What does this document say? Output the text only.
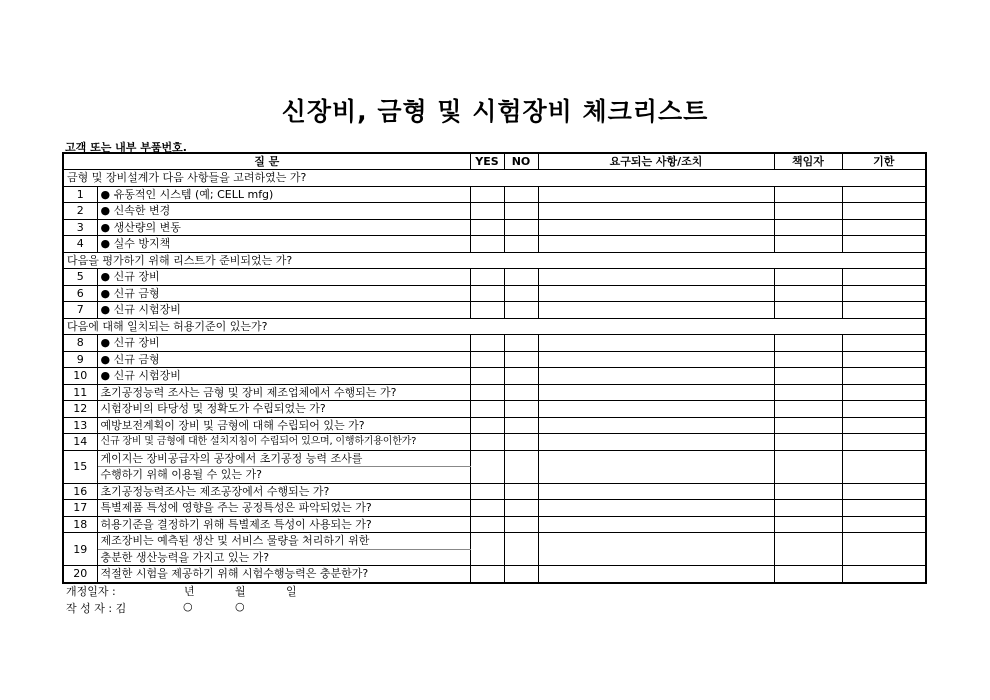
신장비, 금형 및 시험장비 체크리스트
고객 또는 내부 부품번호.
질 문		YES	NO	요구되는 사항/조치	책임자	기한
금형 및 장비설계가 다음 사항들을 고려하였는 가?						
1	● 유동적인 시스템 (예; CELL mfg)					
2	● 신속한 변경					
3	● 생산량의 변동					
4	● 실수 방지책					
다음을 평가하기 위해 리스트가 준비되었는 가?						
5	● 신규 장비					
6	● 신규 금형					
7	● 신규 시험장비					
다음에 대해 일치되는 허용기준이 있는가?						
8	● 신규 장비					
9	● 신규 금형					
10	● 신규 시험장비					
11	초기공정능력 조사는 금형 및 장비 제조업체에서 수행되는 가?					
12	시험장비의 타당성 및 정확도가 수립되었는 가?					
13	예방보전계획이 장비 및 금형에 대해 수립되어 있는 가?					
14	신규 장비 및 금형에 대한 설치지침이 수립되어 있으며, 이행하기용이한가?					
15	게이지는 장비공급자의 공장에서 초기공정 능력 조사를					
	수행하기 위해 이용될 수 있는 가?					
16	초기공정능력조사는 제조공장에서 수행되는 가?					
17	특별제품 특성에 영향을 주는 공정특성은 파악되었는 가?					
18	허용기준을 결정하기 위해 특별제조 특성이 사용되는 가?					
19	제조장비는 예측된 생산 및 서비스 물량을 처리하기 위한					
	충분한 생산능력을 가지고 있는 가?					
20	적절한 시험을 제공하기 위해 시험수행능력은 충분한가?					
개정일자 :	년	월	일
작 성 자 : 김	○	○
